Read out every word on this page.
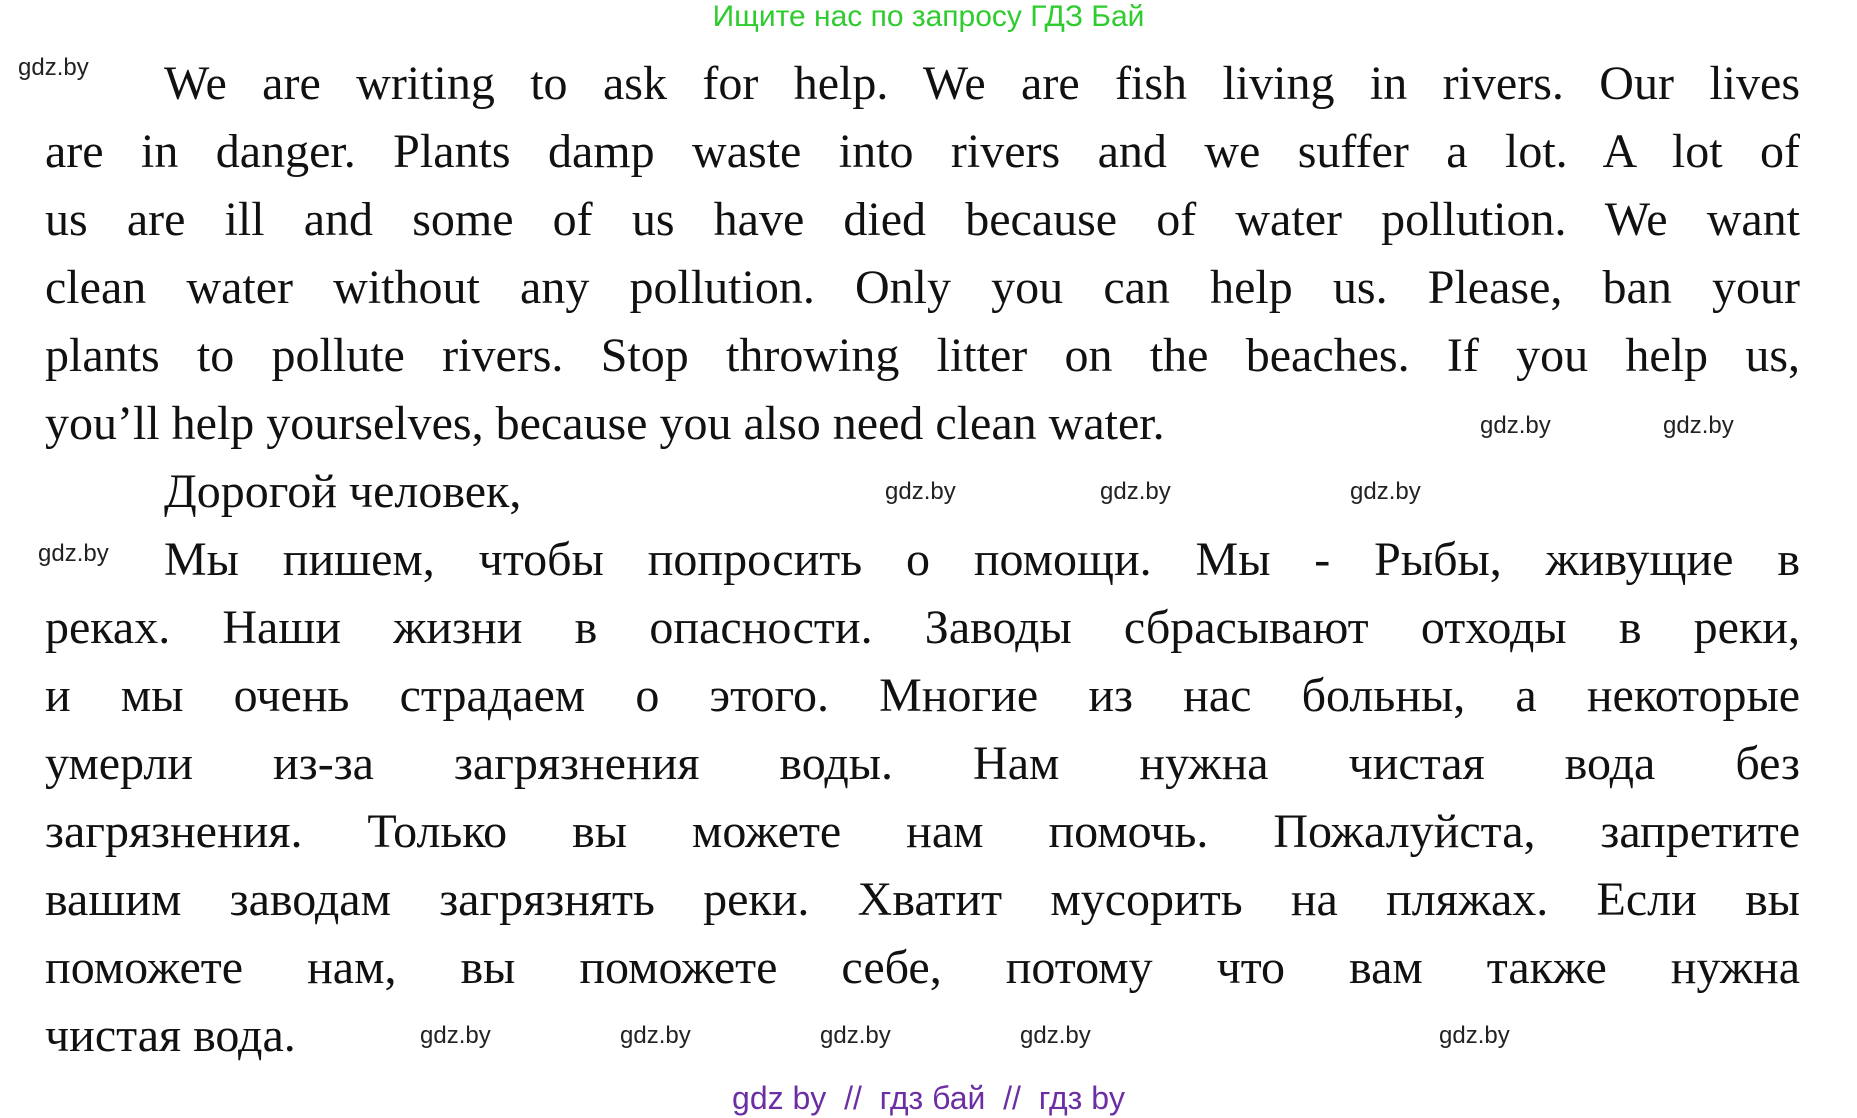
Ищите нас по запросу ГДЗ Бай
We are writing to ask for help. We are fish living in rivers. Our lives
are in danger. Plants damp waste into rivers and we suffer a lot. A lot of
us are ill and some of us have died because of water pollution. We want
clean water without any pollution. Only you can help us. Please, ban your
plants to pollute rivers. Stop throwing litter on the beaches. If you help us,
you’ll help yourselves, because you also need clean water.
Дорогой человек,
Мы пишем, чтобы попросить о помощи. Мы - Рыбы, живущие в
реках. Наши жизни в опасности. Заводы сбрасывают отходы в реки,
и мы очень страдаем о этого. Многие из нас больны, а некоторые
умерли из-за загрязнения воды. Нам нужна чистая вода без
загрязнения. Только вы можете нам помочь. Пожалуйста, запретите
вашим заводам загрязнять реки. Хватит мусорить на пляжах. Если вы
поможете нам, вы поможете себе, потому что вам также нужна
чистая вода.
gdz.by
gdz.by	gdz.by
gdz.by	gdz.by
gdz.by
gdz.by
gdz.by	gdz.by	gdz.by
gdz.by	gdz.by
gdz by  //  гдз бай  //  гдз by
